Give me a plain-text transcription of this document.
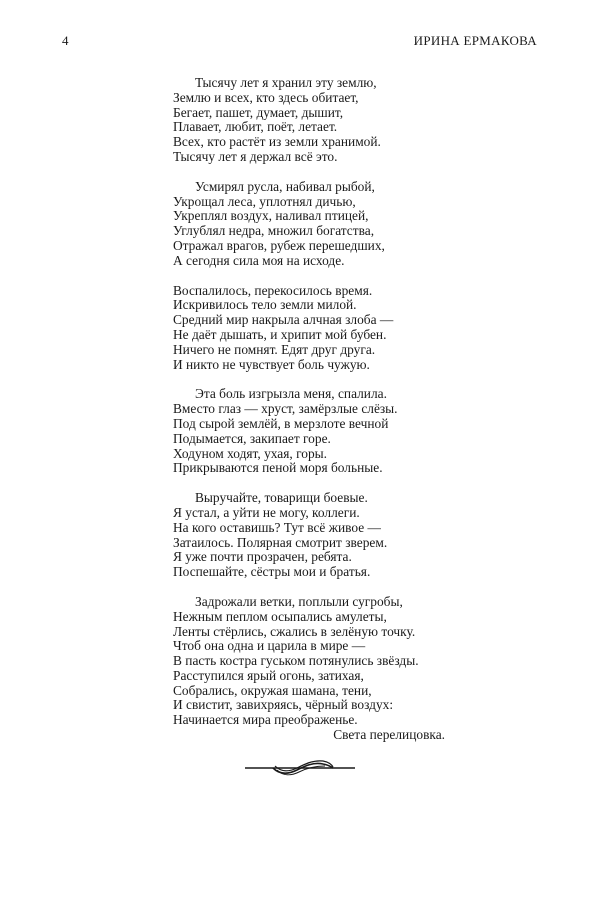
4	ИРИНА ЕРМАКОВА
Тысячу лет я хранил эту землю,
Землю и всех, кто здесь обитает,
Бегает, пашет, думает, дышит,
Плавает, любит, поёт, летает.
Всех, кто растёт из земли хранимой.
Тысячу лет я держал всё это.
Усмирял русла, набивал рыбой,
Укрощал леса, уплотнял дичью,
Укреплял воздух, наливал птицей,
Углублял недра, множил богатства,
Отражал врагов, рубеж перешедших,
А сегодня сила моя на исходе.
Воспалилось, перекосилось время.
Искривилось тело земли милой.
Средний мир накрыла алчная злоба —
Не даёт дышать, и хрипит мой бубен.
Ничего не помнят. Едят друг друга.
И никто не чувствует боль чужую.
Эта боль изгрызла меня, спалила.
Вместо глаз — хруст, замёрзлые слёзы.
Под сырой землёй, в мерзлоте вечной
Подымается, закипает горе.
Ходуном ходят, ухая, горы.
Прикрываются пеной моря больные.
Выручайте, товарищи боевые.
Я устал, а уйти не могу, коллеги.
На кого оставишь? Тут всё живое —
Затаилось. Полярная смотрит зверем.
Я уже почти прозрачен, ребята.
Поспешайте, сёстры мои и братья.
Задрожали ветки, поплыли сугробы,
Нежным пеплом осыпались амулеты,
Ленты стёрлись, сжались в зелёную точку.
Чтоб она одна и царила в мире —
В пасть костра гуськом потянулись звёзды.
Расступился ярый огонь, затихая,
Собрались, окружая шамана, тени,
И свистит, завихряясь, чёрный воздух:
Начинается мира преображенье.
Света перелицовка.
